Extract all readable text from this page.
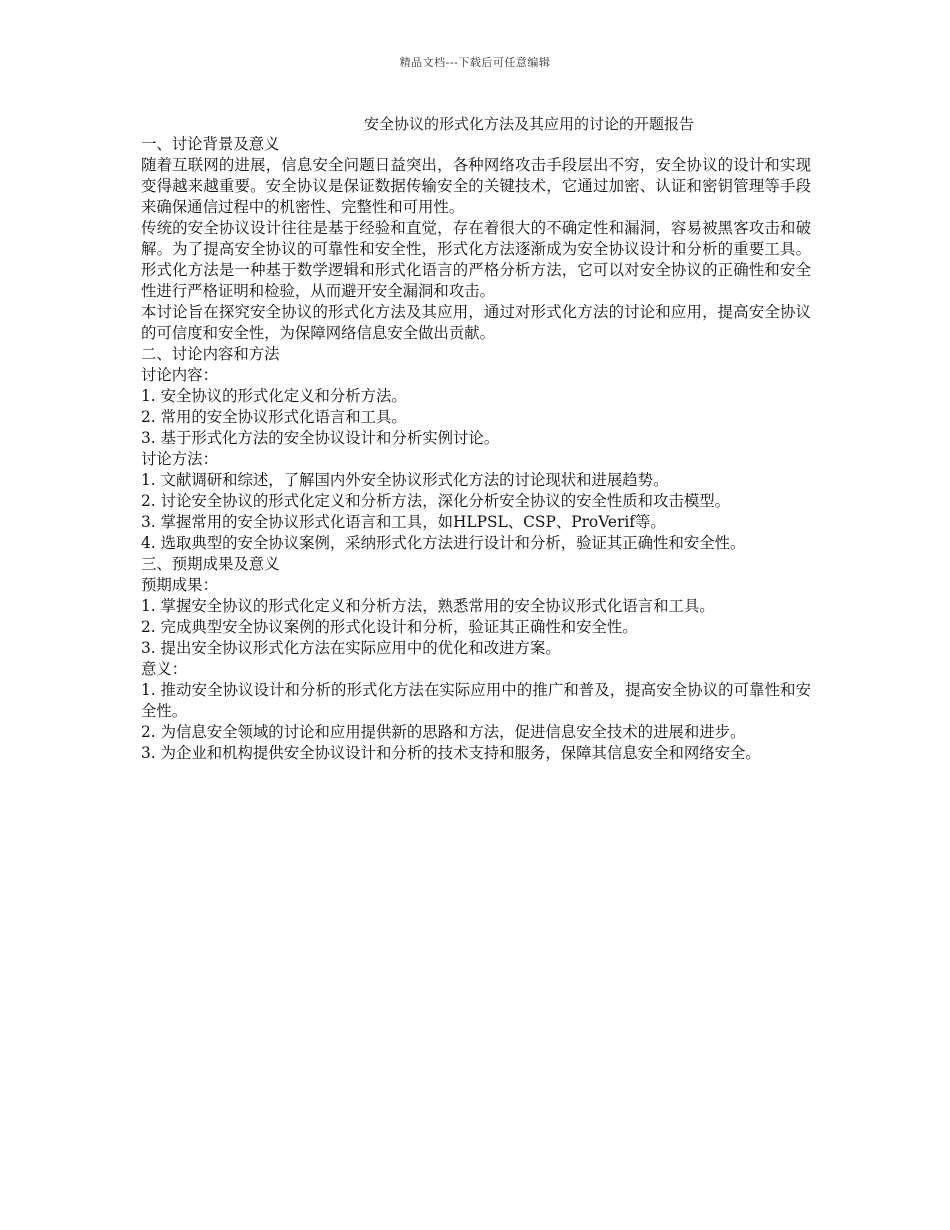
精品文档---下载后可任意编辑
安全协议的形式化方法及其应用的讨论的开题报告

一、讨论背景及意义

随着互联网的进展，信息安全问题日益突出，各种网络攻击手段层出不穷，安全协议的设计和实现变得越来越重要。安全协议是保证数据传输安全的关键技术，它通过加密、认证和密钥管理等手段来确保通信过程中的机密性、完整性和可用性。

传统的安全协议设计往往是基于经验和直觉，存在着很大的不确定性和漏洞，容易被黑客攻击和破解。为了提高安全协议的可靠性和安全性，形式化方法逐渐成为安全协议设计和分析的重要工具。形式化方法是一种基于数学逻辑和形式化语言的严格分析方法，它可以对安全协议的正确性和安全性进行严格证明和检验，从而避开安全漏洞和攻击。

本讨论旨在探究安全协议的形式化方法及其应用，通过对形式化方法的讨论和应用，提高安全协议的可信度和安全性，为保障网络信息安全做出贡献。

二、讨论内容和方法

讨论内容：

1. 安全协议的形式化定义和分析方法。

2. 常用的安全协议形式化语言和工具。

3. 基于形式化方法的安全协议设计和分析实例讨论。

讨论方法：

1. 文献调研和综述，了解国内外安全协议形式化方法的讨论现状和进展趋势。

2. 讨论安全协议的形式化定义和分析方法，深化分析安全协议的安全性质和攻击模型。

3. 掌握常用的安全协议形式化语言和工具，如HLPSL、CSP、ProVerif等。

4. 选取典型的安全协议案例，采纳形式化方法进行设计和分析，验证其正确性和安全性。

三、预期成果及意义

预期成果：

1. 掌握安全协议的形式化定义和分析方法，熟悉常用的安全协议形式化语言和工具。

2. 完成典型安全协议案例的形式化设计和分析，验证其正确性和安全性。

3. 提出安全协议形式化方法在实际应用中的优化和改进方案。

意义：

1. 推动安全协议设计和分析的形式化方法在实际应用中的推广和普及，提高安全协议的可靠性和安全性。

2. 为信息安全领域的讨论和应用提供新的思路和方法，促进信息安全技术的进展和进步。

3. 为企业和机构提供安全协议设计和分析的技术支持和服务，保障其信息安全和网络安全。
